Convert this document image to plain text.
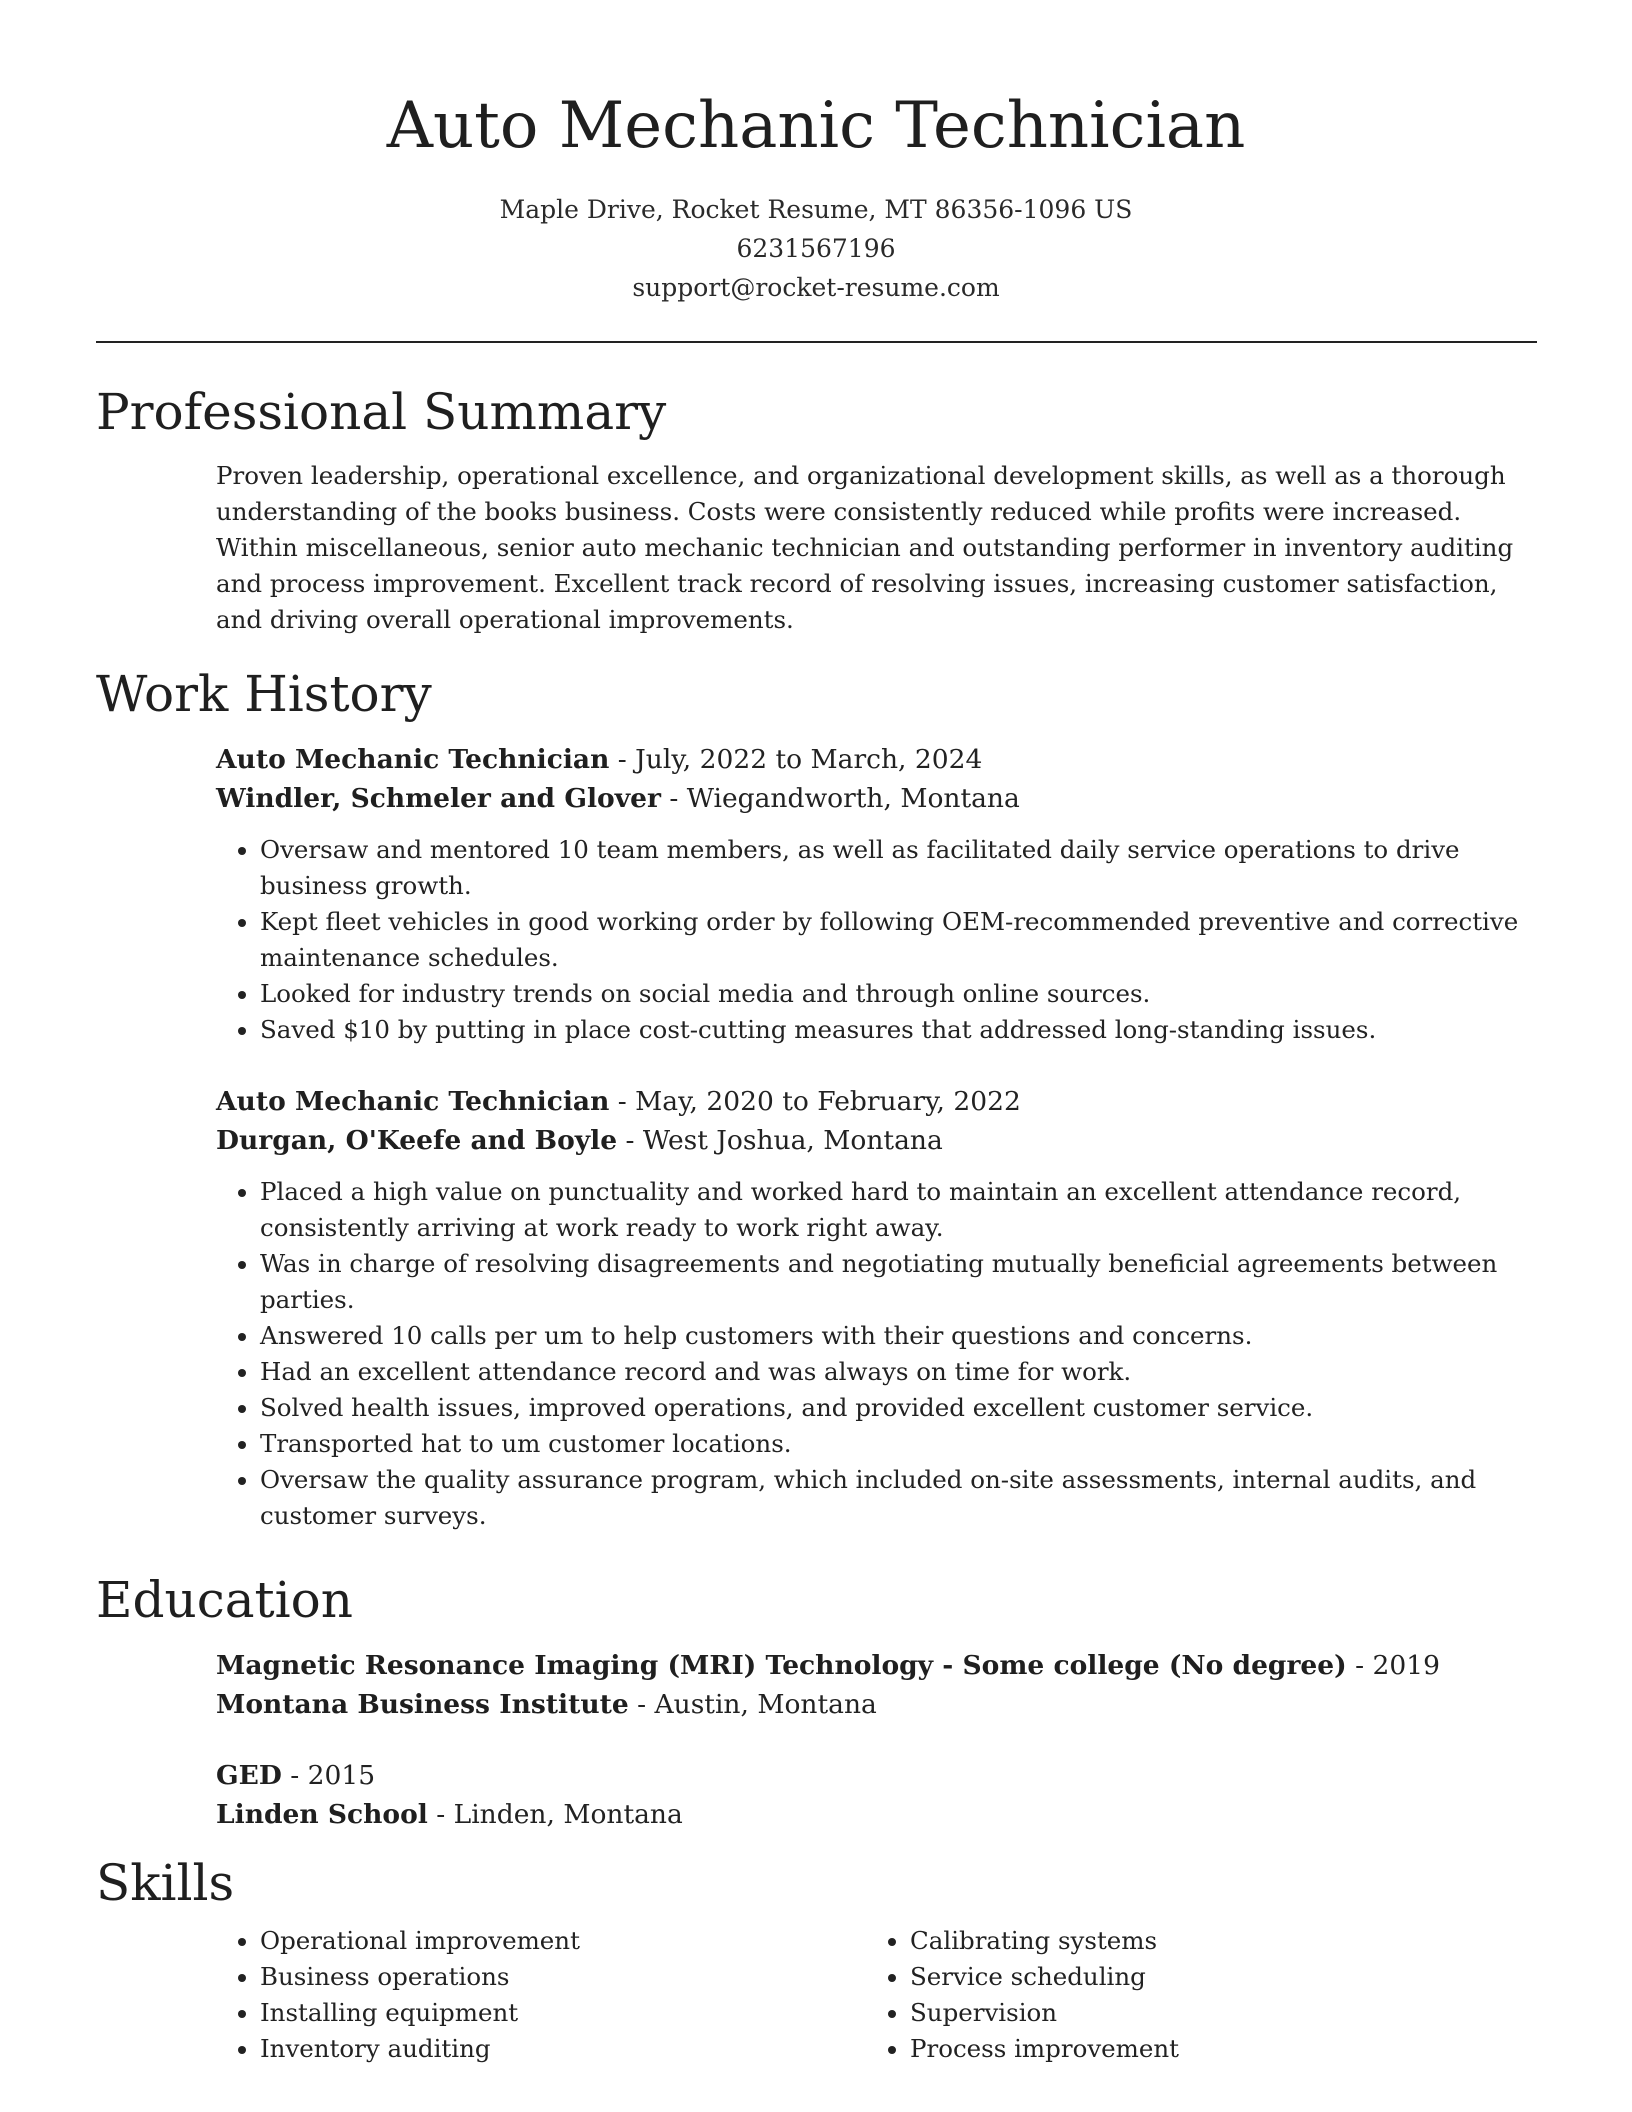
Auto Mechanic Technician
Maple Drive, Rocket Resume, MT 86356-1096 US
6231567196
support@rocket-resume.com
Professional Summary
Proven leadership, operational excellence, and organizational development skills, as well as a thorough understanding of the books business. Costs were consistently reduced while profits were increased. Within miscellaneous, senior auto mechanic technician and outstanding performer in inventory auditing and process improvement. Excellent track record of resolving issues, increasing customer satisfaction, and driving overall operational improvements.
Work History
Auto Mechanic Technician - July, 2022 to March, 2024
Windler, Schmeler and Glover - Wiegandworth, Montana
• Oversaw and mentored 10 team members, as well as facilitated daily service operations to drive business growth.
• Kept fleet vehicles in good working order by following OEM-recommended preventive and corrective maintenance schedules.
• Looked for industry trends on social media and through online sources.
• Saved $10 by putting in place cost-cutting measures that addressed long-standing issues.
Auto Mechanic Technician - May, 2020 to February, 2022
Durgan, O'Keefe and Boyle - West Joshua, Montana
• Placed a high value on punctuality and worked hard to maintain an excellent attendance record, consistently arriving at work ready to work right away.
• Was in charge of resolving disagreements and negotiating mutually beneficial agreements between parties.
• Answered 10 calls per um to help customers with their questions and concerns.
• Had an excellent attendance record and was always on time for work.
• Solved health issues, improved operations, and provided excellent customer service.
• Transported hat to um customer locations.
• Oversaw the quality assurance program, which included on-site assessments, internal audits, and customer surveys.
Education
Magnetic Resonance Imaging (MRI) Technology - Some college (No degree) - 2019
Montana Business Institute - Austin, Montana
GED - 2015
Linden School - Linden, Montana
Skills
• Operational improvement
• Business operations
• Installing equipment
• Inventory auditing
• Calibrating systems
• Service scheduling
• Supervision
• Process improvement
